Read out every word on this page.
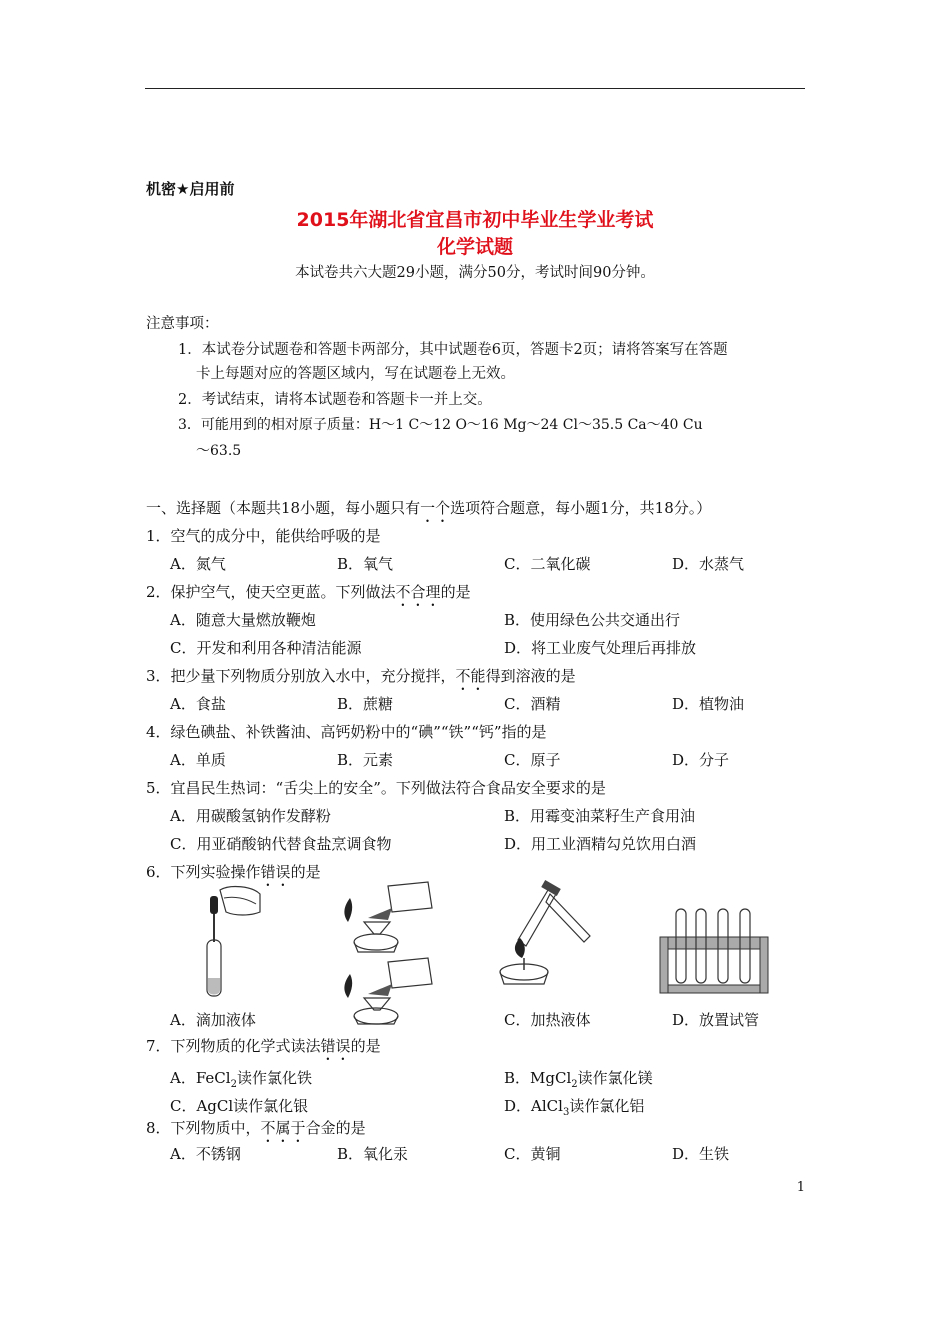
机密★启用前
2015年湖北省宜昌市初中毕业生学业考试
化学试题
本试卷共六大题29小题，满分50分，考试时间90分钟。
注意事项：
1．本试卷分试题卷和答题卡两部分，其中试题卷6页，答题卡2页；请将答案写在答题
卡上每题对应的答题区域内，写在试题卷上无效。
2．考试结束，请将本试题卷和答题卡一并上交。
3．可能用到的相对原子质量：H～1 C～12 O～16 Mg～24 Cl～35.5 Ca～40 Cu
～63.5
一、选择题（本题共18小题，每小题只有一个选项符合题意，每小题1分，共18分。）
1．空气的成分中，能供给呼吸的是
A．氮气	B．氧气	C．二氧化碳	D．水蒸气
2．保护空气，使天空更蓝。下列做法不合理的是
A．随意大量燃放鞭炮	B．使用绿色公共交通出行
C．开发和利用各种清洁能源	D．将工业废气处理后再排放
3．把少量下列物质分别放入水中，充分搅拌，不能得到溶液的是
A．食盐	B．蔗糖	C．酒精	D．植物油
4．绿色碘盐、补铁酱油、高钙奶粉中的“碘”“铁”“钙”指的是
A．单质	B．元素	C．原子	D．分子
5．宜昌民生热词：“舌尖上的安全”。下列做法符合食品安全要求的是
A．用碳酸氢钠作发酵粉	B．用霉变油菜籽生产食用油
C．用亚硝酸钠代替食盐烹调食物	D．用工业酒精勾兑饮用白酒
6．下列实验操作错误的是
A．滴加液体	C．加热液体	D．放置试管
7．下列物质的化学式读法错误的是
A．FeCl$_2$读作氯化铁	B．MgCl$_2$读作氯化镁
C．AgCl读作氯化银	D．AlCl$_3$读作氯化铝
8．下列物质中，不属于合金的是
A．不锈钢	B．氧化汞	C．黄铜	D．生铁
1
